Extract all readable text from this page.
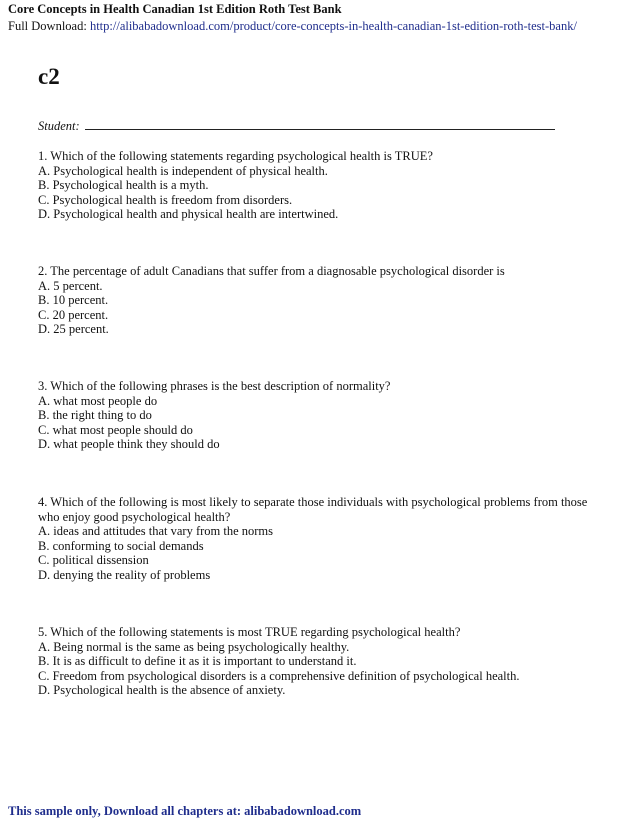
Core Concepts in Health Canadian 1st Edition Roth Test Bank
Full Download: http://alibabadownload.com/product/core-concepts-in-health-canadian-1st-edition-roth-test-bank/
c2
Student:
1. Which of the following statements regarding psychological health is TRUE?
A. Psychological health is independent of physical health.
B. Psychological health is a myth.
C. Psychological health is freedom from disorders.
D. Psychological health and physical health are intertwined.
2. The percentage of adult Canadians that suffer from a diagnosable psychological disorder is
A. 5 percent.
B. 10 percent.
C. 20 percent.
D. 25 percent.
3. Which of the following phrases is the best description of normality?
A. what most people do
B. the right thing to do
C. what most people should do
D. what people think they should do
4. Which of the following is most likely to separate those individuals with psychological problems from those who enjoy good psychological health?
A. ideas and attitudes that vary from the norms
B. conforming to social demands
C. political dissension
D. denying the reality of problems
5. Which of the following statements is most TRUE regarding psychological health?
A. Being normal is the same as being psychologically healthy.
B. It is as difficult to define it as it is important to understand it.
C. Freedom from psychological disorders is a comprehensive definition of psychological health.
D. Psychological health is the absence of anxiety.
This sample only, Download all chapters at: alibabadownload.com
